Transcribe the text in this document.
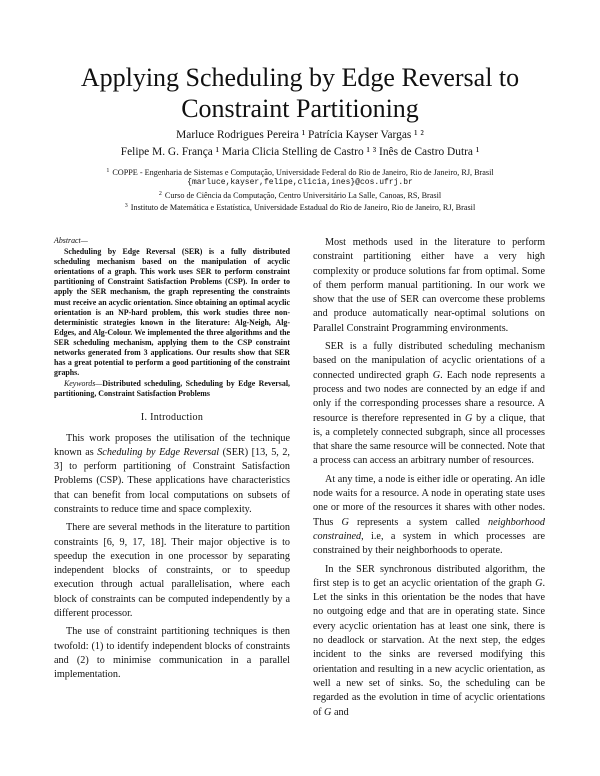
Applying Scheduling by Edge Reversal to
Constraint Partitioning
Marluce Rodrigues Pereira ¹ Patrícia Kayser Vargas ¹ ²
Felipe M. G. França ¹ Maria Clicia Stelling de Castro ¹ ³ Inês de Castro Dutra ¹
$^1$ COPPE - Engenharia de Sistemas e Computação, Universidade Federal do Rio de Janeiro, Rio de Janeiro, RJ, Brasil
{marluce,kayser,felipe,clicia,ines}@cos.ufrj.br
$^2$ Curso de Ciência da Computação, Centro Universitário La Salle, Canoas, RS, Brasil
$^3$ Instituto de Matemática e Estatística, Universidade Estadual do Rio de Janeiro, Rio de Janeiro, RJ, Brasil
Abstract—

Scheduling by Edge Reversal (SER) is a fully distributed scheduling mechanism based on the manipulation of acyclic orientations of a graph. This work uses SER to perform constraint partitioning of Constraint Satisfaction Problems (CSP). In order to apply the SER mechanism, the graph representing the constraints must receive an acyclic orientation. Since obtaining an optimal acyclic orientation is an NP-hard problem, this work studies three non-deterministic strategies known in the literature: Alg-Neigh, Alg-Edges, and Alg-Colour. We implemented the three algorithms and the SER scheduling mechanism, applying them to the CSP constraint networks generated from 3 applications. Our results show that SER has a great potential to perform a good partitioning of the constraint graphs.

Keywords—Distributed scheduling, Scheduling by Edge Reversal, partitioning, Constraint Satisfaction Problems
I. Introduction

This work proposes the utilisation of the technique known as Scheduling by Edge Reversal (SER) [13, 5, 2, 3] to perform partitioning of Constraint Satisfaction Problems (CSP). These applications have characteristics that can benefit from local computations on subsets of constraints to reduce time and space complexity.

There are several methods in the literature to partition constraints [6, 9, 17, 18]. Their major objective is to speedup the execution in one processor by separating independent blocks of constraints, or to speedup execution through actual parallelisation, where each block of constraints can be computed independently by a different processor.

The use of constraint partitioning techniques is then twofold: (1) to identify independent blocks of constraints and (2) to minimise communication in a parallel implementation.

Most methods used in the literature to perform constraint partitioning either have a very high complexity or produce solutions far from optimal. Some of them perform manual partitioning. In our work we show that the use of SER can overcome these problems and produce automatically near-optimal solutions on Parallel Constraint Programming environments.

SER is a fully distributed scheduling mechanism based on the manipulation of acyclic orientations of a connected undirected graph G. Each node represents a process and two nodes are connected by an edge if and only if the corresponding processes share a resource. A resource is therefore represented in G by a clique, that is, a completely connected subgraph, since all processes that share the same resource will be connected. Note that a process can access an arbitrary number of resources.

At any time, a node is either idle or operating. An idle node waits for a resource. A node in operating state uses one or more of the resources it shares with other nodes. Thus G represents a system called neighborhood constrained, i.e, a system in which processes are constrained by their neighborhoods to operate.

In the SER synchronous distributed algorithm, the first step is to get an acyclic orientation of the graph G. Let the sinks in this orientation be the nodes that have no outgoing edge and that are in operating state. Since every acyclic orientation has at least one sink, there is no deadlock or starvation. At the next step, the edges incident to the sinks are reversed modifying this orientation and resulting in a new acyclic orientation, as well a new set of sinks. So, the scheduling can be regarded as the evolution in time of acyclic orientations of G and
